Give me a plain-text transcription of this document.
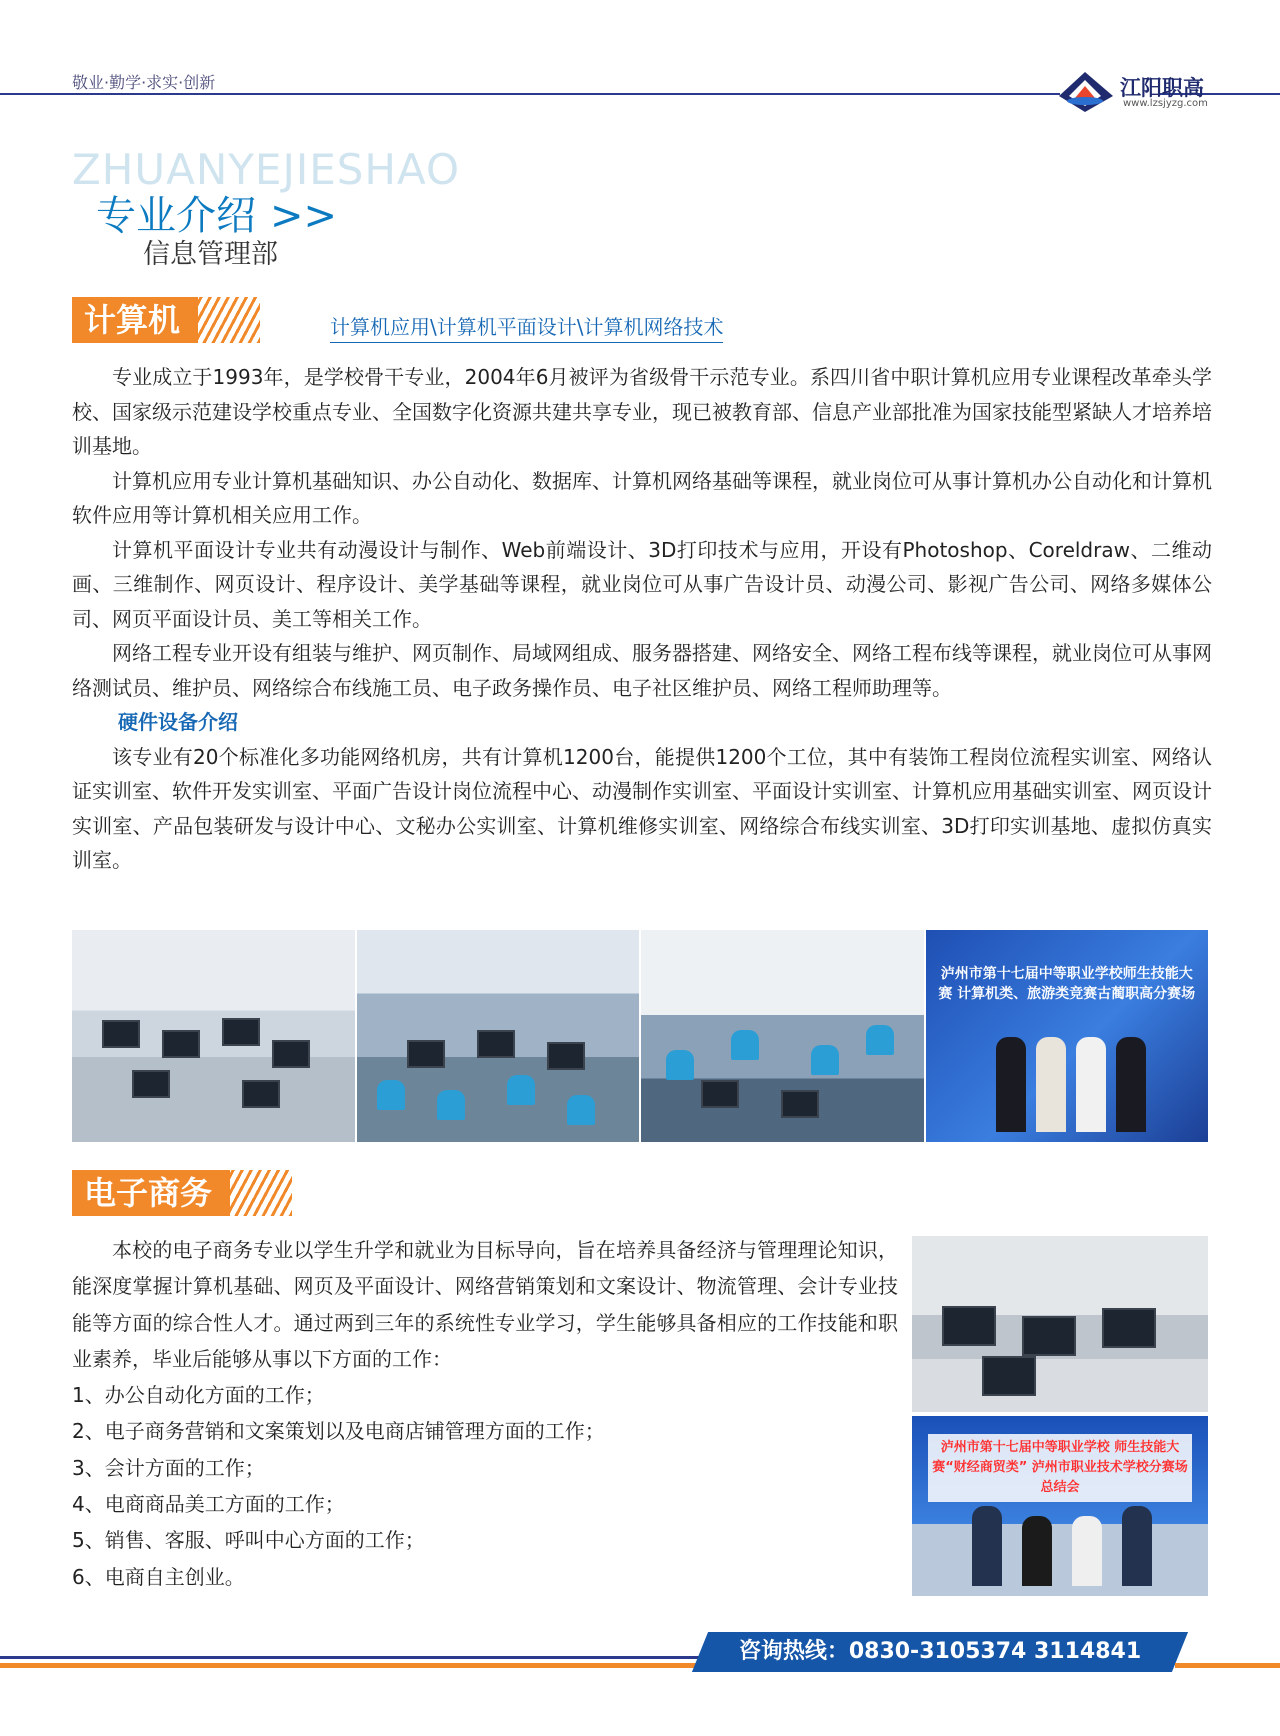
敬业·勤学·求实·创新	江阳职高
www.lzsjyzg.com
ZHUANYEJIESHAO
专业介绍 >>
信息管理部
计算机	计算机应用\计算机平面设计\计算机网络技术

专业成立于1993年，是学校骨干专业，2004年6月被评为省级骨干示范专业。系四川省中职计算机应用专业课程改革牵头学校、国家级示范建设学校重点专业、全国数字化资源共建共享专业，现已被教育部、信息产业部批准为国家技能型紧缺人才培养培训基地。

计算机应用专业计算机基础知识、办公自动化、数据库、计算机网络基础等课程，就业岗位可从事计算机办公自动化和计算机软件应用等计算机相关应用工作。

计算机平面设计专业共有动漫设计与制作、Web前端设计、3D打印技术与应用，开设有Photoshop、Coreldraw、二维动画、三维制作、网页设计、程序设计、美学基础等课程，就业岗位可从事广告设计员、动漫公司、影视广告公司、网络多媒体公司、网页平面设计员、美工等相关工作。

网络工程专业开设有组装与维护、网页制作、局域网组成、服务器搭建、网络安全、网络工程布线等课程，就业岗位可从事网络测试员、维护员、网络综合布线施工员、电子政务操作员、电子社区维护员、网络工程师助理等。

硬件设备介绍

该专业有20个标准化多功能网络机房，共有计算机1200台，能提供1200个工位，其中有装饰工程岗位流程实训室、网络认证实训室、软件开发实训室、平面广告设计岗位流程中心、动漫制作实训室、平面设计实训室、计算机应用基础实训室、网页设计实训室、产品包装研发与设计中心、文秘办公实训室、计算机维修实训室、网络综合布线实训室、3D打印实训基地、虚拟仿真实训室。

泸州市第十七届中等职业学校师生技能大赛 计算机类、旅游类竞赛古蔺职高分赛场
电子商务

本校的电子商务专业以学生升学和就业为目标导向，旨在培养具备经济与管理理论知识，能深度掌握计算机基础、网页及平面设计、网络营销策划和文案设计、物流管理、会计专业技能等方面的综合性人才。通过两到三年的系统性专业学习，学生能够具备相应的工作技能和职业素养，毕业后能够从事以下方面的工作：

1、办公自动化方面的工作；
2、电子商务营销和文案策划以及电商店铺管理方面的工作；
3、会计方面的工作；
4、电商商品美工方面的工作；
5、销售、客服、呼叫中心方面的工作；
6、电商自主创业。
泸州市第十七届中等职业学校 师生技能大赛“财经商贸类” 泸州市职业技术学校分赛场总结会
咨询热线：0830-3105374 3114841
